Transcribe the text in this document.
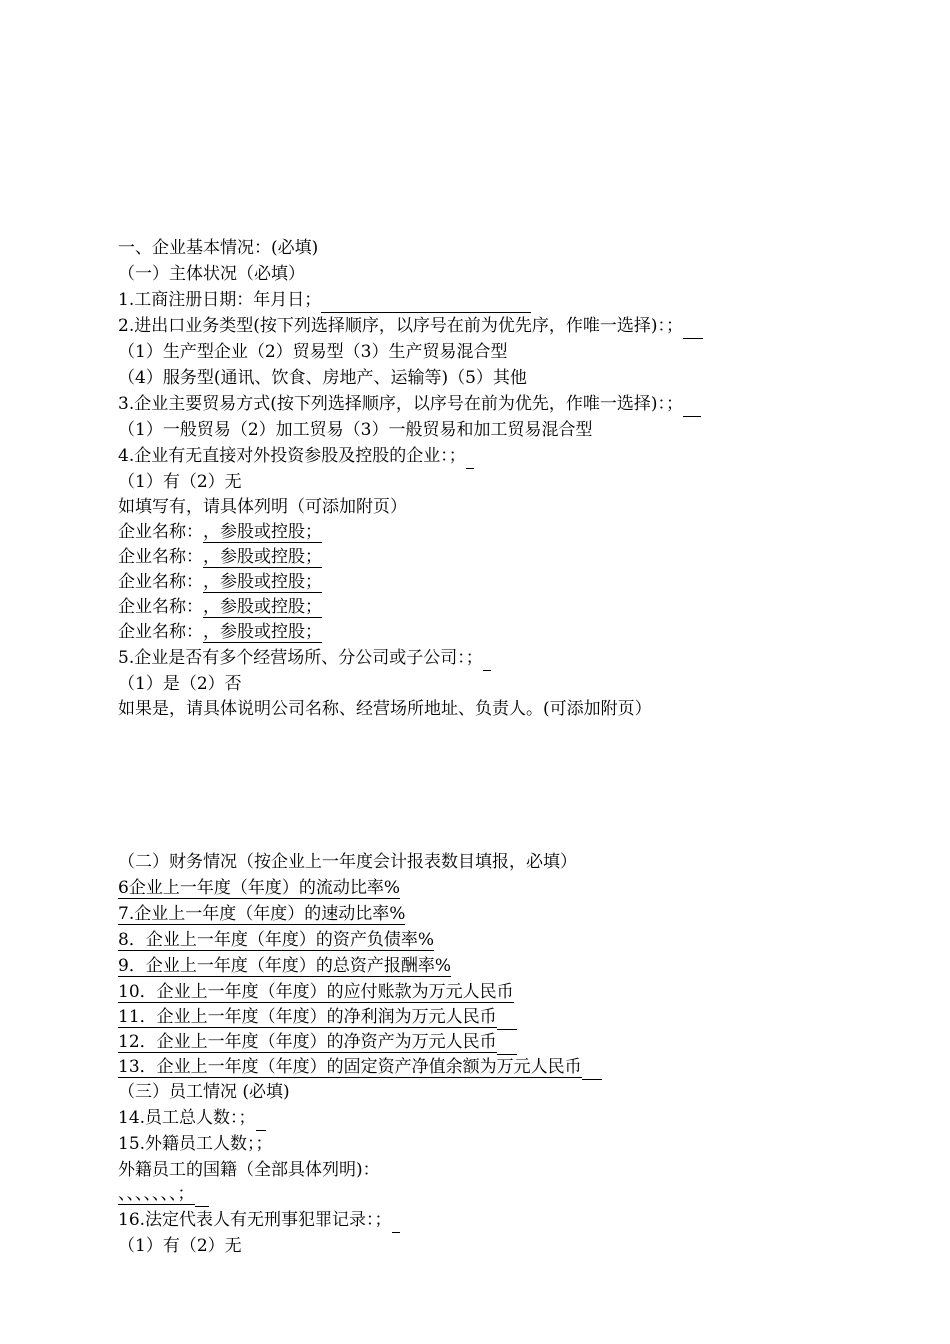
一、企业基本情况：(必填)
（一）主体状况（必填）
1.工商注册日期：年月日；
2.进出口业务类型(按下列选择顺序，以序号在前为优先序，作唯一选择)：；
（1）生产型企业（2）贸易型（3）生产贸易混合型
（4）服务型(通讯、饮食、房地产、运输等)（5）其他
3.企业主要贸易方式(按下列选择顺序，以序号在前为优先，作唯一选择)：；
（1）一般贸易（2）加工贸易（3）一般贸易和加工贸易混合型
4.企业有无直接对外投资参股及控股的企业：；
（1）有（2）无
如填写有，请具体列明（可添加附页）
企业名称：，参股或控股；
企业名称：，参股或控股；
企业名称：，参股或控股；
企业名称：，参股或控股；
企业名称：，参股或控股；
5.企业是否有多个经营场所、分公司或子公司：；
（1）是（2）否
如果是，请具体说明公司名称、经营场所地址、负责人。(可添加附页）
（二）财务情况（按企业上一年度会计报表数目填报，必填）
6企业上一年度（年度）的流动比率%
7.企业上一年度（年度）的速动比率%
8．企业上一年度（年度）的资产负债率%
9．企业上一年度（年度）的总资产报酬率%
10．企业上一年度（年度）的应付账款为万元人民币
11．企业上一年度（年度）的净利润为万元人民币
12．企业上一年度（年度）的净资产为万元人民币
13．企业上一年度（年度）的固定资产净值余额为万元人民币
（三）员工情况 (必填)
14.员工总人数：；
15.外籍员工人数；；
外籍员工的国籍（全部具体列明)：
、、、、、、、；
16.法定代表人有无刑事犯罪记录：；
（1）有（2）无
